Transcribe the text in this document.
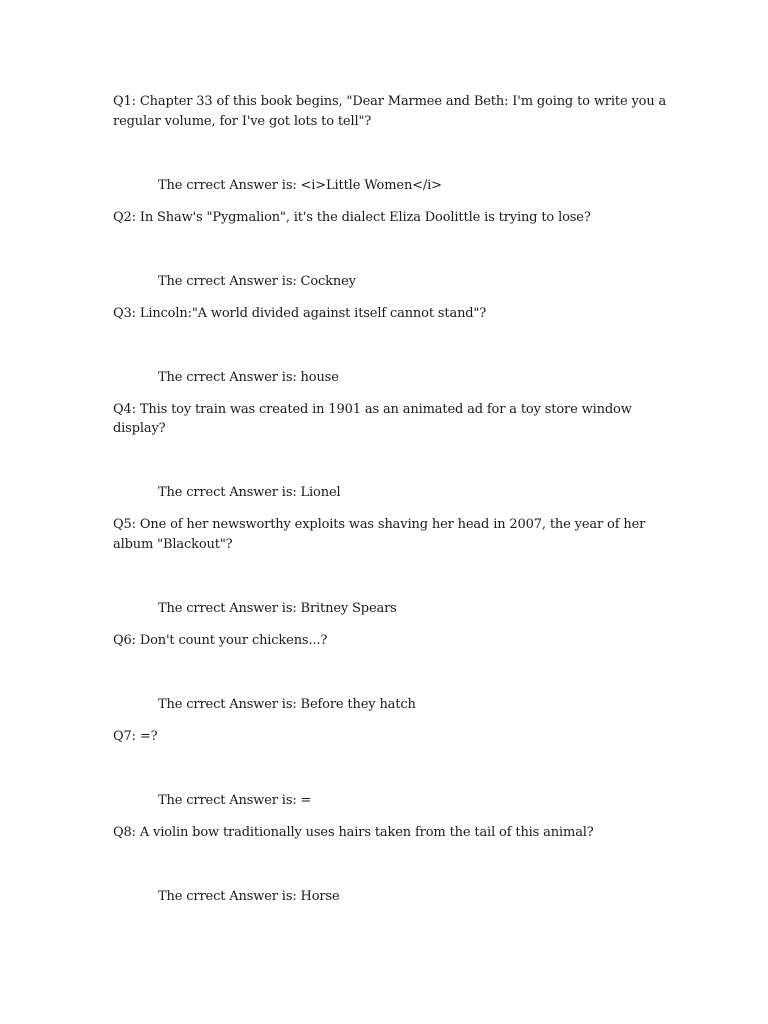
Q1: Chapter 33 of this book begins, "Dear Marmee and Beth: I'm going to write you a regular volume, for I've got lots to tell"?

The crrect Answer is: <i>Little Women</i>

Q2: In Shaw's "Pygmalion", it's the dialect Eliza Doolittle is trying to lose?

The crrect Answer is: Cockney

Q3: Lincoln:"A world divided against itself cannot stand"?

The crrect Answer is: house

Q4: This toy train was created in 1901 as an animated ad for a toy store window display?

The crrect Answer is: Lionel

Q5: One of her newsworthy exploits was shaving her head in 2007, the year of her album "Blackout"?

The crrect Answer is: Britney Spears

Q6: Don't count your chickens...?

The crrect Answer is: Before they hatch

Q7: =?

The crrect Answer is: =

Q8: A violin bow traditionally uses hairs taken from the tail of this animal?

The crrect Answer is: Horse
